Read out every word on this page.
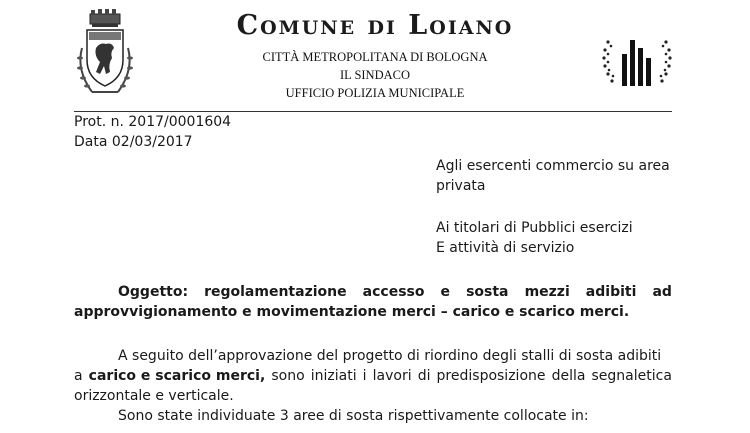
Comune di Loiano
CITTÀ METROPOLITANA DI BOLOGNA
IL SINDACO
UFFICIO POLIZIA MUNICIPALE
Prot. n. 2017/0001604
Data 02/03/2017
Agli esercenti commercio su area
privata
Ai titolari di Pubblici esercizi
E attività di servizio
Oggetto: regolamentazione accesso e sosta mezzi adibiti ad
approvvigionamento e movimentazione merci – carico e scarico merci.
A seguito dell’approvazione del progetto di riordino degli stalli di sosta adibiti
a carico e scarico merci, sono iniziati i lavori di predisposizione della segnaletica
orizzontale e verticale.
Sono state individuate 3 aree di sosta rispettivamente collocate in:
